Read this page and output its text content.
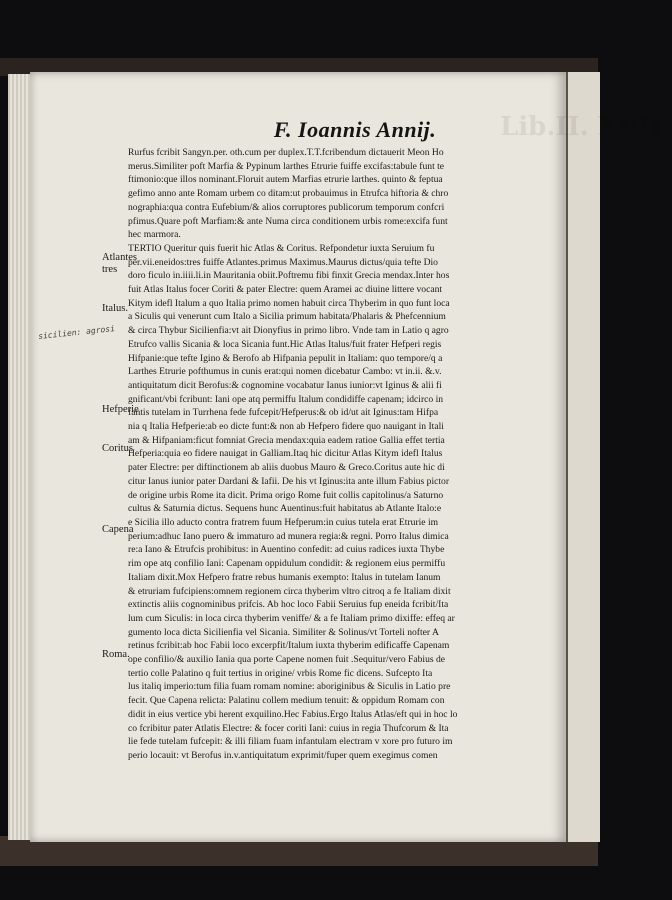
Lib.II. XVII.
F. Ioannis Annij.
Rurfus fcribit Sangyn.per. oth.cum per duplex.T.T.fcribendum dictauerit Meon Ho
merus.Similiter poft Marfia & Pypinum larthes Etrurie fuiffe excifas:tabule funt te
ftimonio:que illos nominant.Floruit autem Marfias etrurie larthes. quinto & feptua
gefimo anno ante Romam urbem co ditam:ut probauimus in Etrufca hiftoria & chro
nographia:qua contra Eufebium/& alios corruptores publicorum temporum confcri
pfimus.Quare poft Marfiam:& ante Numa circa conditionem urbis rome:excifa funt
hec marmora.
TERTIO Queritur quis fuerit hic Atlas & Coritus. Refpondetur iuxta Seruium fu
per.vii.eneidos:tres fuiffe Atlantes.primus Maximus.Maurus dictus/quia tefte Dio
doro ficulo in.iiii.li.in Mauritania obiit.Poftremu fibi finxit Grecia mendax.Inter hos
fuit Atlas Italus focer Coriti & pater Electre: quem Aramei ac diuine littere vocant
Kitym idefl Italum a quo Italia primo nomen habuit circa Thyberim in quo funt loca
a Siculis qui venerunt cum Italo a Sicilia primum habitata/Phalaris & Phefcennium
& circa Thybur Sicilienfia:vt ait Dionyfius in primo libro. Vnde tam in Latio q agro
Etrufco vallis Sicania & loca Sicania funt.Hic Atlas Italus/fuit frater Hefperi regis
Hifpanie:que tefte Igino & Berofo ab Hifpania pepulit in Italiam: quo tempore/q a
Larthes Etrurie pofthumus in cunis erat:qui nomen dicebatur Cambo: vt in.ii. &.v.
antiquitatum dicit Berofus:& cognomine vocabatur Ianus iunior:vt Iginus & alii fi
gnificant/vbi fcribunt: Iani ope atq permiffu Italum condidiffe capenam; idcirco in
fantis tutelam in Turrhena fede fufcepit/Hefperus:& ob id/ut ait Iginus:tam Hifpa
nia q Italia Hefperie:ab eo dicte funt:& non ab Hefpero fidere quo nauigant in Itali
am & Hifpaniam:ficut fomniat Grecia mendax:quia eadem ratioe Gallia effet tertia
Hefperia:quia eo fidere nauigat in Galliam.Itaq hic dicitur Atlas Kitym idefl Italus
pater Electre: per diftinctionem ab aliis duobus Mauro & Greco.Coritus aute hic di
citur Ianus iunior pater Dardani & Iafii. De his vt Iginus:ita ante illum Fabius pictor
de origine urbis Rome ita dicit. Prima origo Rome fuit collis capitolinus/a Saturno
cultus & Saturnia dictus. Sequens hunc Auentinus:fuit habitatus ab Atlante Italo:e
e Sicilia illo aducto contra fratrem fuum Hefperum:in cuius tutela erat Etrurie im
perium:adhuc Iano puero & immaturo ad munera regia:& regni. Porro Italus dimica
re:a Iano & Etrufcis prohibitus: in Auentino confedit: ad cuius radices iuxta Thybe
rim ope atq confilio Iani: Capenam oppidulum condidit: & regionem eius permiffu
Italiam dixit.Mox Hefpero fratre rebus humanis exempto: Italus in tutelam Ianum
& etruriam fufcipiens:omnem regionem circa thyberim vltro citroq a fe Italiam dixit
extinctis aliis cognominibus prifcis. Ab hoc loco Fabii Seruius fup eneida fcribit/Ita
lum cum Siculis: in loca circa thyberim veniffe/ & a fe Italiam primo dixiffe: effeq ar
gumento loca dicta Sicilienfia vel Sicania. Similiter & Solinus/vt Torteli nofter A
retinus fcribit:ab hoc Fabii loco excerpfit/Italum iuxta thyberim edificaffe Capenam
ope confilio/& auxilio Iania qua porte Capene nomen fuit .Sequitur/vero Fabius de
tertio colle Palatino q fuit tertius in origine/ vrbis Rome fic dicens. Sufcepto Ita
lus italiq imperio:tum filia fuam romam nomine: aboriginibus & Siculis in Latio pre
fecit. Que Capena relicta: Palatinu collem medium tenuit: & oppidum Romam con
didit in eius vertice ybi herent exquilino.Hec Fabius.Ergo Italus Atlas/eft qui in hoc lo
co fcribitur pater Atlatis Electre: & focer coriti Iani: cuius in regia Thufcorum & Ita
lie fede tutelam fufcepit: & illi filiam fuam infantulam electram v xore pro futuro im
perio locauit: vt Berofus in.v.antiquitatum exprimit/fuper quem exegimus comen
Atlantes tres
Italus.
Hefperie
Coritus
Capena
Roma.
sicilien: agrosi
